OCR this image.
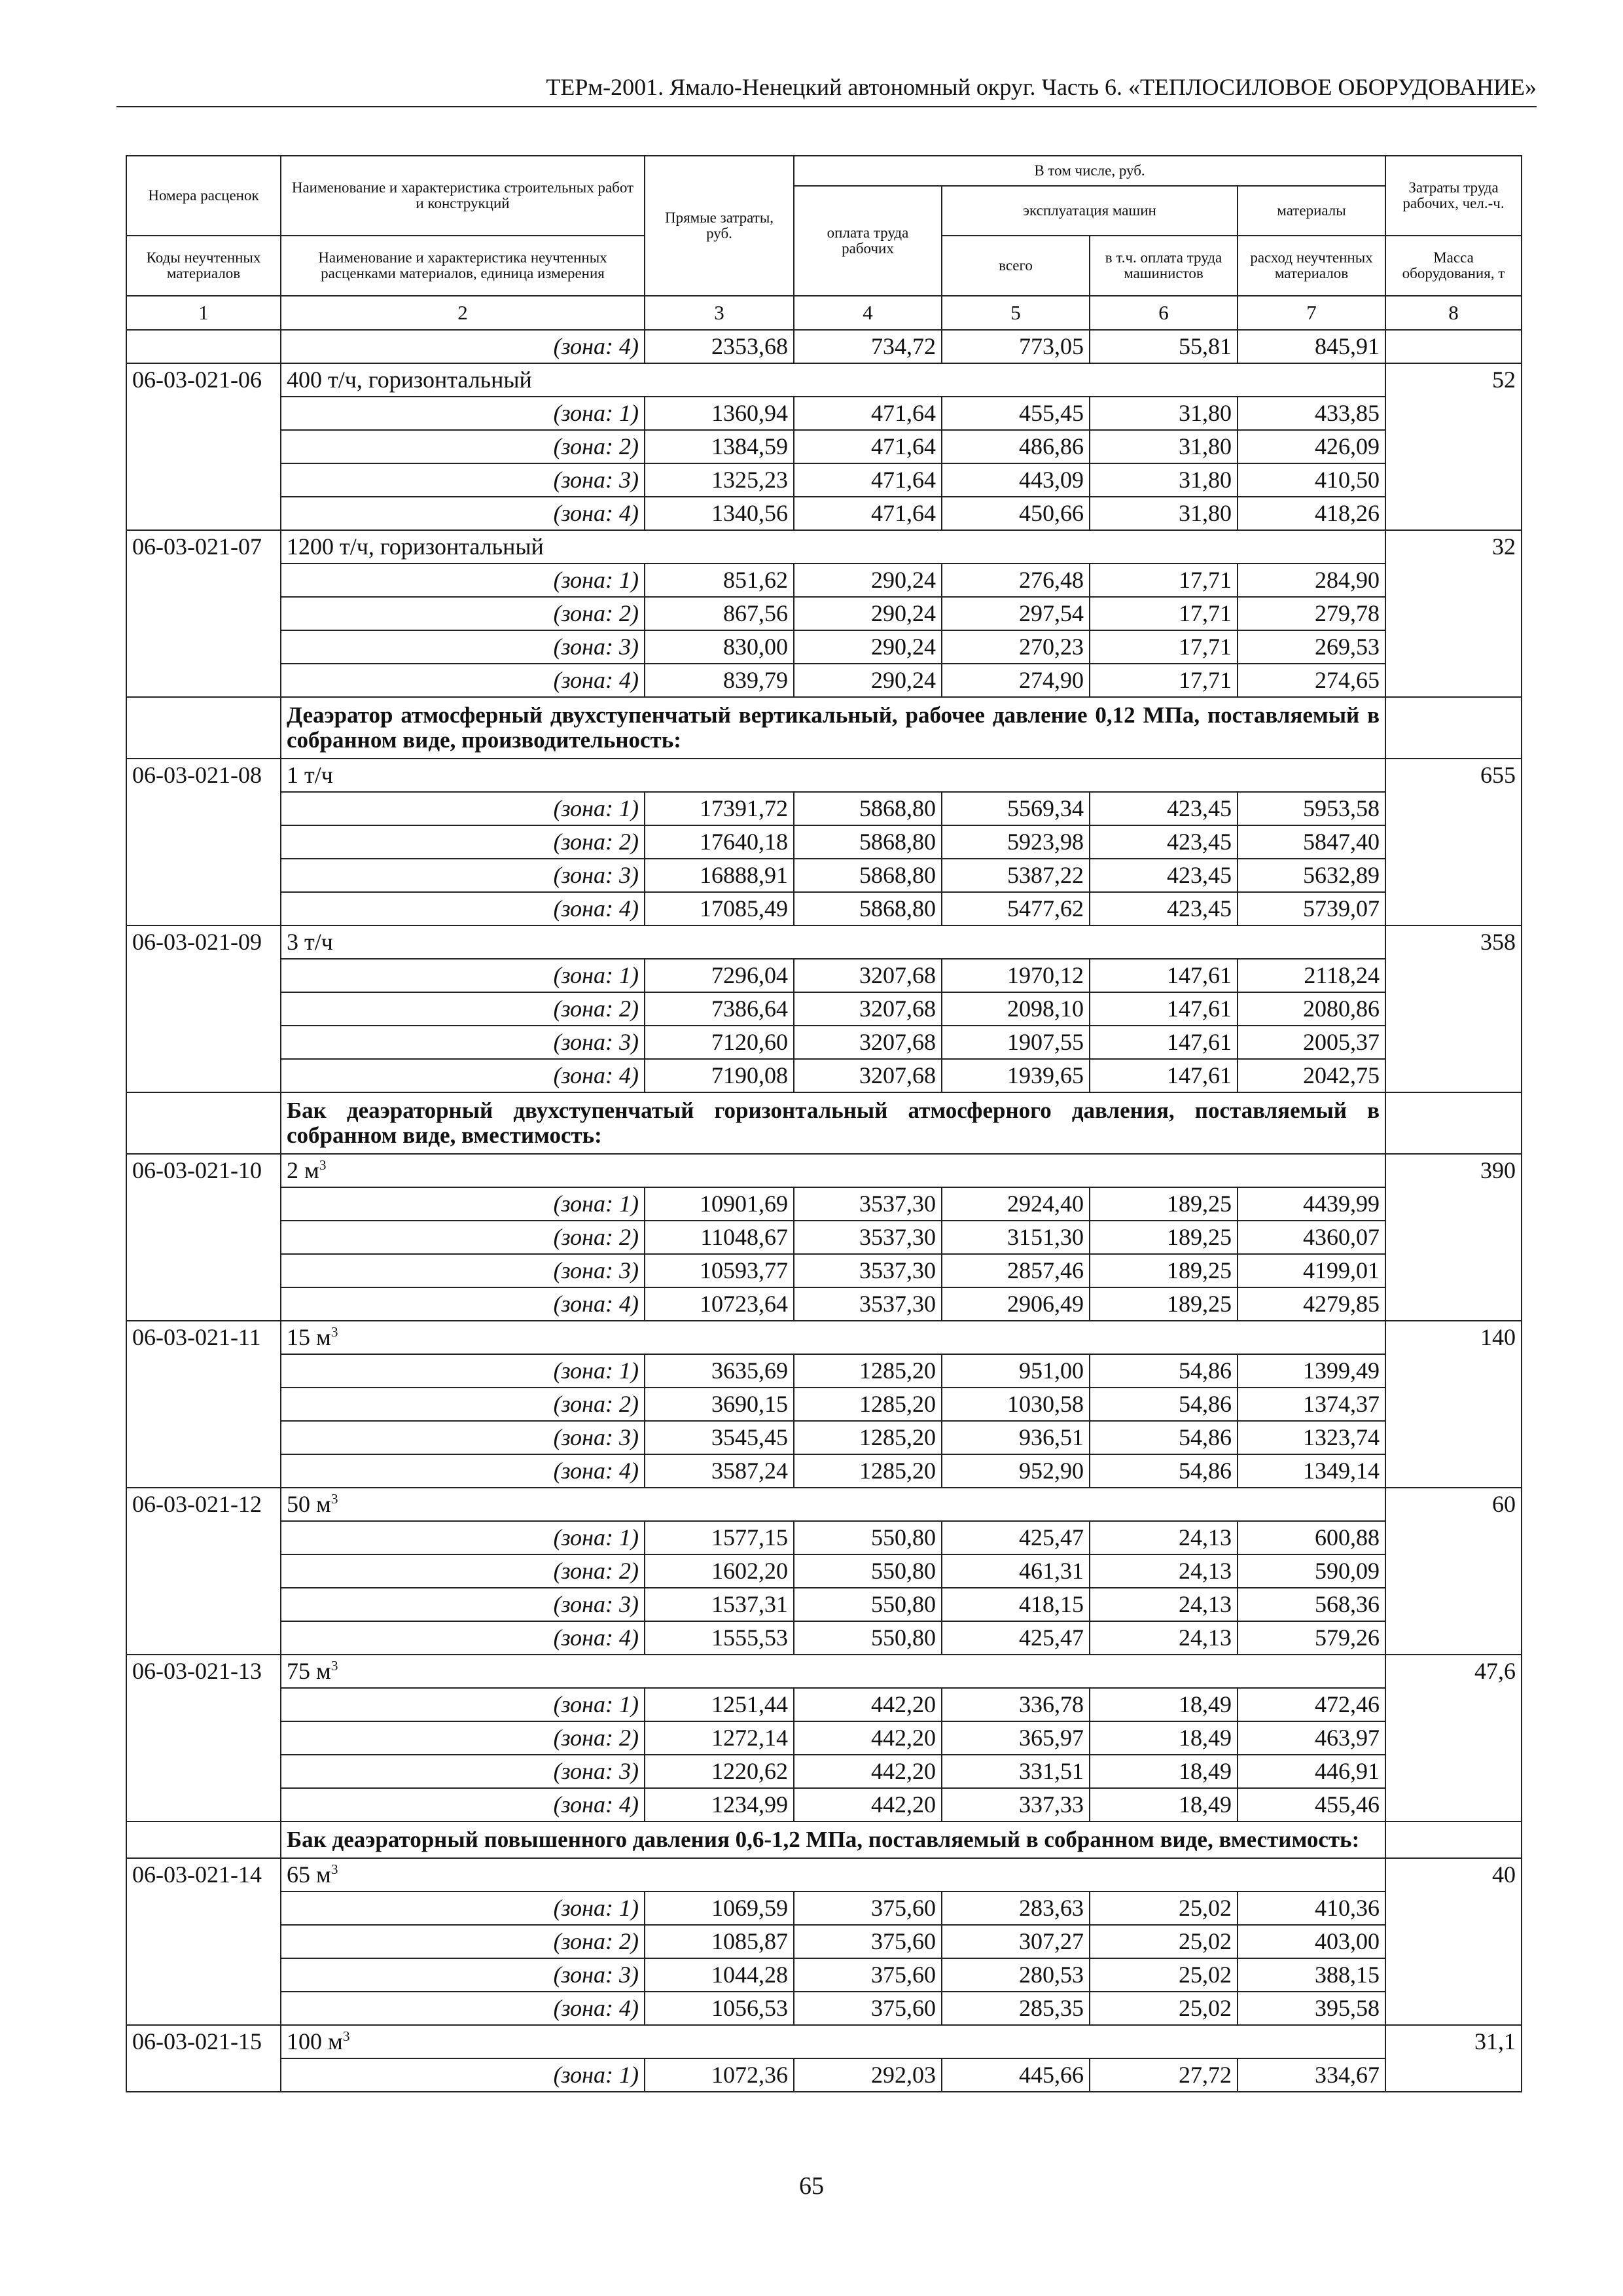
ТЕРм-2001. Ямало-Ненецкий автономный округ. Часть 6. «ТЕПЛОСИЛОВОЕ ОБОРУДОВАНИЕ»
Номера расценок	Наименование и характеристика строительных работ и конструкций	Прямые затраты, руб.	В том числе, руб.				Затраты труда рабочих, чел.-ч.
			оплата труда рабочих	эксплуатация машин		материалы	
Коды неучтенных материалов	Наименование и характеристика неучтенных расценками материалов, единица измерения			всего	в т.ч. оплата труда машинистов	расход неучтенных материалов	Масса оборудования, т
1	2	3	4	5	6	7	8
	(зона: 4)	2353,68	734,72	773,05	55,81	845,91	
06-03-021-06	400 т/ч, горизонтальный						52
	(зона: 1)	1360,94	471,64	455,45	31,80	433,85	
	(зона: 2)	1384,59	471,64	486,86	31,80	426,09	
	(зона: 3)	1325,23	471,64	443,09	31,80	410,50	
	(зона: 4)	1340,56	471,64	450,66	31,80	418,26	
06-03-021-07	1200 т/ч, горизонтальный						32
	(зона: 1)	851,62	290,24	276,48	17,71	284,90	
	(зона: 2)	867,56	290,24	297,54	17,71	279,78	
	(зона: 3)	830,00	290,24	270,23	17,71	269,53	
	(зона: 4)	839,79	290,24	274,90	17,71	274,65	
	Деаэратор атмосферный двухступенчатый вертикальный, рабочее давление 0,12 МПа, поставляемый в собранном виде, производительность:						
06-03-021-08	1 т/ч						655
	(зона: 1)	17391,72	5868,80	5569,34	423,45	5953,58	
	(зона: 2)	17640,18	5868,80	5923,98	423,45	5847,40	
	(зона: 3)	16888,91	5868,80	5387,22	423,45	5632,89	
	(зона: 4)	17085,49	5868,80	5477,62	423,45	5739,07	
06-03-021-09	3 т/ч						358
	(зона: 1)	7296,04	3207,68	1970,12	147,61	2118,24	
	(зона: 2)	7386,64	3207,68	2098,10	147,61	2080,86	
	(зона: 3)	7120,60	3207,68	1907,55	147,61	2005,37	
	(зона: 4)	7190,08	3207,68	1939,65	147,61	2042,75	
	Бак деаэраторный двухступенчатый горизонтальный атмосферного давления, поставляемый в собранном виде, вместимость:						
06-03-021-10	2 $м^3$						390
	(зона: 1)	10901,69	3537,30	2924,40	189,25	4439,99	
	(зона: 2)	11048,67	3537,30	3151,30	189,25	4360,07	
	(зона: 3)	10593,77	3537,30	2857,46	189,25	4199,01	
	(зона: 4)	10723,64	3537,30	2906,49	189,25	4279,85	
06-03-021-11	15 $м^3$						140
	(зона: 1)	3635,69	1285,20	951,00	54,86	1399,49	
	(зона: 2)	3690,15	1285,20	1030,58	54,86	1374,37	
	(зона: 3)	3545,45	1285,20	936,51	54,86	1323,74	
	(зона: 4)	3587,24	1285,20	952,90	54,86	1349,14	
06-03-021-12	50 $м^3$						60
	(зона: 1)	1577,15	550,80	425,47	24,13	600,88	
	(зона: 2)	1602,20	550,80	461,31	24,13	590,09	
	(зона: 3)	1537,31	550,80	418,15	24,13	568,36	
	(зона: 4)	1555,53	550,80	425,47	24,13	579,26	
06-03-021-13	75 $м^3$						47,6
	(зона: 1)	1251,44	442,20	336,78	18,49	472,46	
	(зона: 2)	1272,14	442,20	365,97	18,49	463,97	
	(зона: 3)	1220,62	442,20	331,51	18,49	446,91	
	(зона: 4)	1234,99	442,20	337,33	18,49	455,46	
	Бак деаэраторный повышенного давления 0,6-1,2 МПа, поставляемый в собранном виде, вместимость:						
06-03-021-14	65 $м^3$						40
	(зона: 1)	1069,59	375,60	283,63	25,02	410,36	
	(зона: 2)	1085,87	375,60	307,27	25,02	403,00	
	(зона: 3)	1044,28	375,60	280,53	25,02	388,15	
	(зона: 4)	1056,53	375,60	285,35	25,02	395,58	
06-03-021-15	100 $м^3$						31,1
	(зона: 1)	1072,36	292,03	445,66	27,72	334,67	
65
